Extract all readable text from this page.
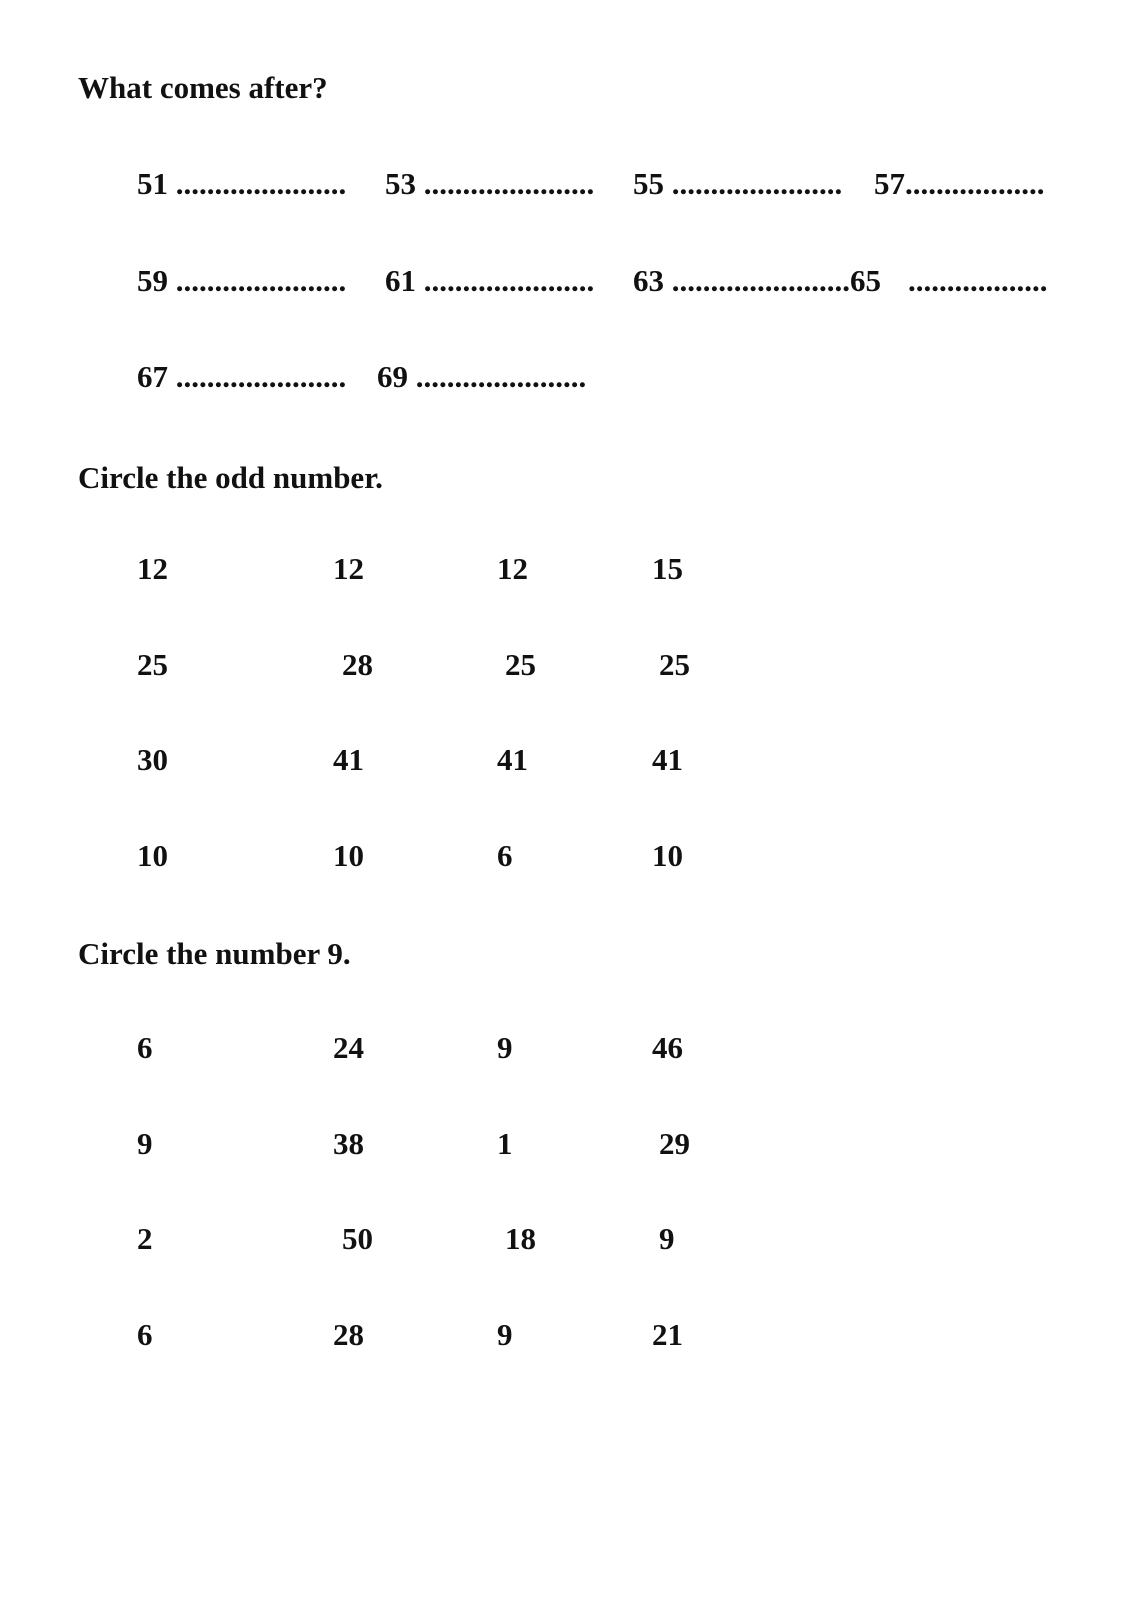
What comes after?
51 ...................... 53 ...................... 55 ...................... 57..................
59 ...................... 61 ...................... 63 .......................65 ..................
67 ...................... 69 ......................
Circle the odd number.
12	12	12	15
25	28	25	25
30	41	41	41
10	10	6	10
Circle the number 9.
6	24	9	46
9	38	1	29
2	50	18	9
6	28	9	21
